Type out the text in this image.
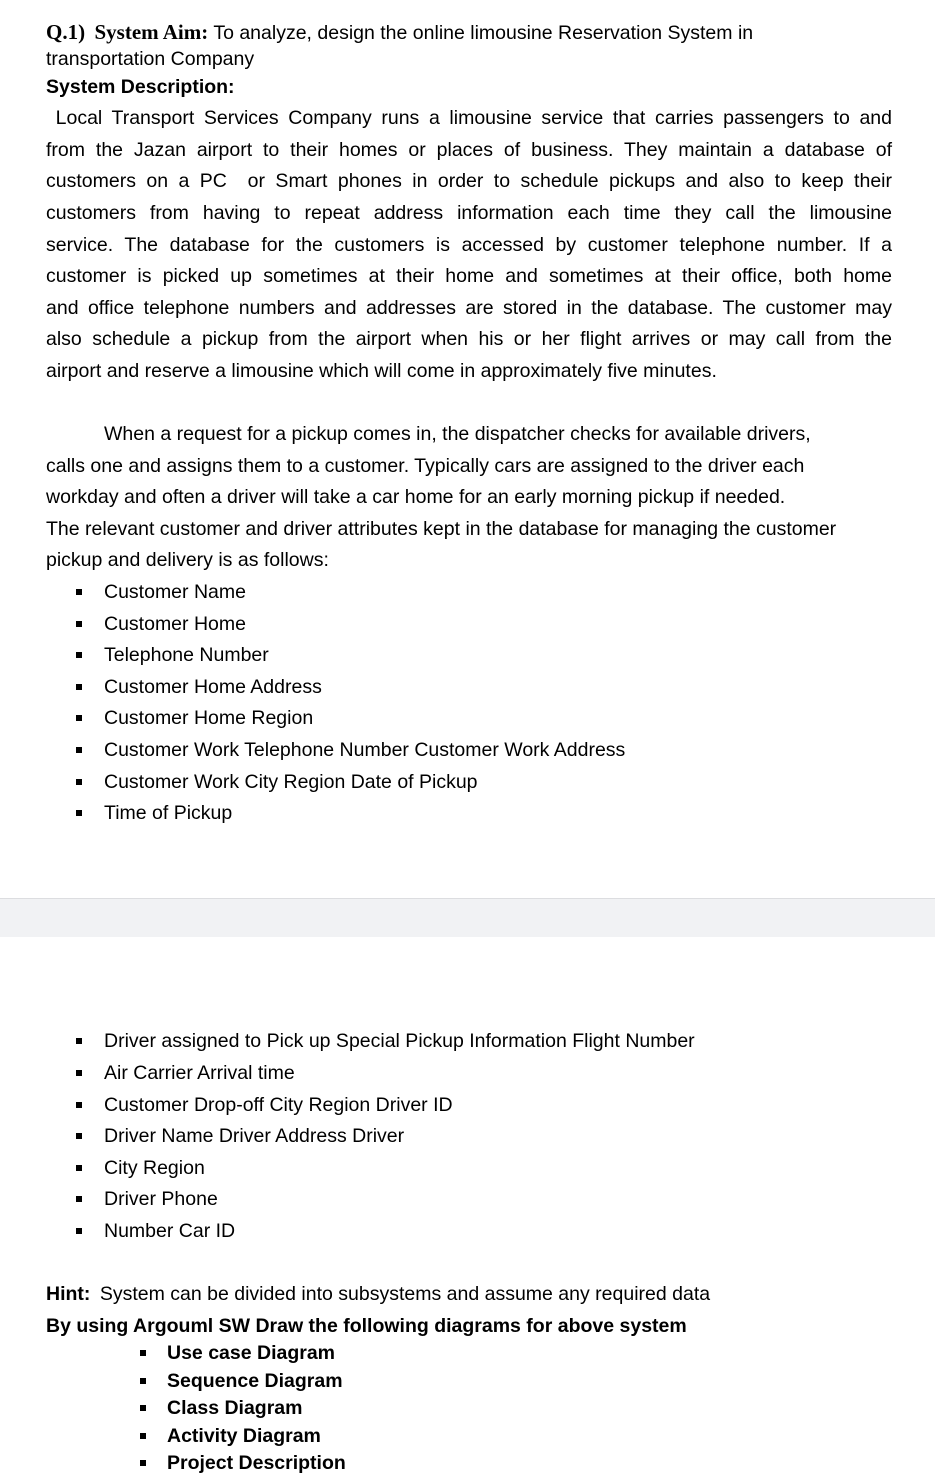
Q.1) System Aim: To analyze, design the online limousine Reservation System in
transportation Company
System Description:
Local Transport Services Company runs a limousine service that carries passengers to and
from the Jazan airport to their homes or places of business. They maintain a database of
customers on a PC  or Smart phones in order to schedule pickups and also to keep their
customers from having to repeat address information each time they call the limousine
service. The database for the customers is accessed by customer telephone number. If a
customer is picked up sometimes at their home and sometimes at their office, both home
and office telephone numbers and addresses are stored in the database. The customer may
also schedule a pickup from the airport when his or her flight arrives or may call from the
airport and reserve a limousine which will come in approximately five minutes.
When a request for a pickup comes in, the dispatcher checks for available drivers,
calls one and assigns them to a customer. Typically cars are assigned to the driver each
workday and often a driver will take a car home for an early morning pickup if needed.
The relevant customer and driver attributes kept in the database for managing the customer
pickup and delivery is as follows:
Customer Name
Customer Home
Telephone Number
Customer Home Address
Customer Home Region
Customer Work Telephone Number Customer Work Address
Customer Work City Region Date of Pickup
Time of Pickup
Driver assigned to Pick up Special Pickup Information Flight Number
Air Carrier Arrival time
Customer Drop-off City Region Driver ID
Driver Name Driver Address Driver
City Region
Driver Phone
Number Car ID
Hint: System can be divided into subsystems and assume any required data
By using Argouml SW Draw the following diagrams for above system
Use case Diagram
Sequence Diagram
Class Diagram
Activity Diagram
Project Description
